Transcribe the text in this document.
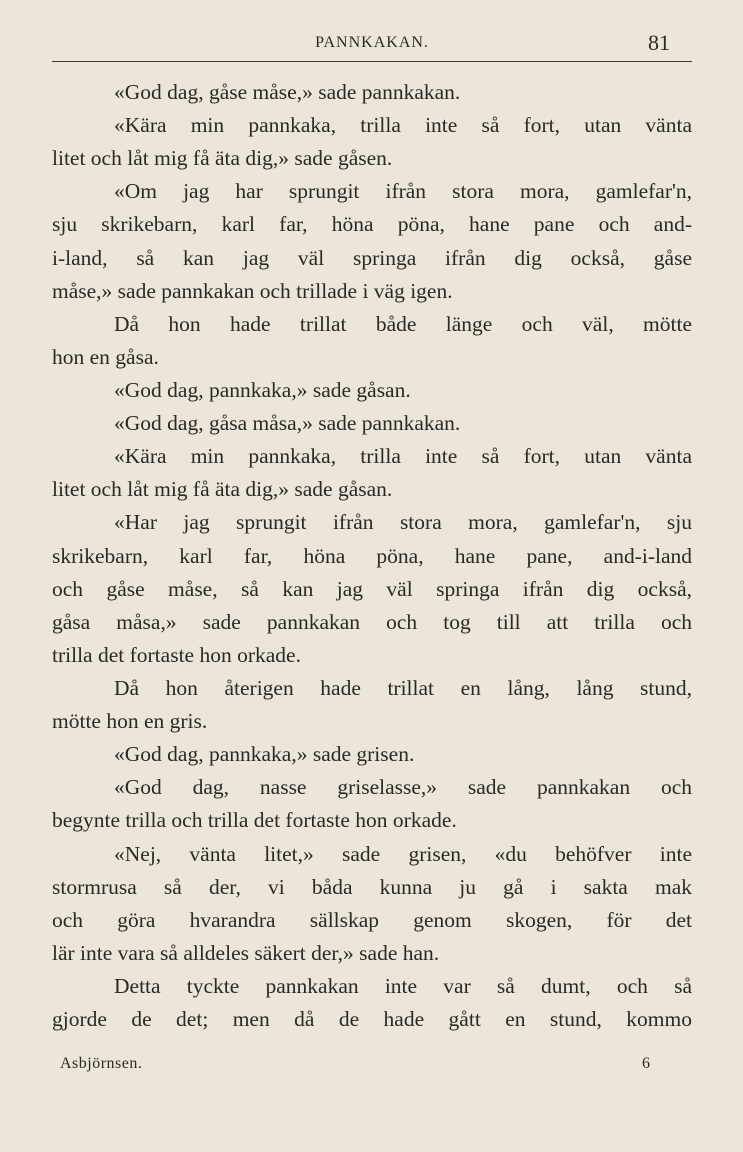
PANNKAKAN.	81
«God dag, gåse måse,» sade pannkakan.
«Kära min pannkaka, trilla inte så fort, utan vänta
litet och låt mig få äta dig,» sade gåsen.
«Om jag har sprungit ifrån stora mora, gamlefar'n,
sju skrikebarn, karl far, höna pöna, hane pane och and-
i-land, så kan jag väl springa ifrån dig också, gåse
måse,» sade pannkakan och trillade i väg igen.
Då hon hade trillat både länge och väl, mötte
hon en gåsa.
«God dag, pannkaka,» sade gåsan.
«God dag, gåsa måsa,» sade pannkakan.
«Kära min pannkaka, trilla inte så fort, utan vänta
litet och låt mig få äta dig,» sade gåsan.
«Har jag sprungit ifrån stora mora, gamlefar'n, sju
skrikebarn, karl far, höna pöna, hane pane, and-i-land
och gåse måse, så kan jag väl springa ifrån dig också,
gåsa måsa,» sade pannkakan och tog till att trilla och
trilla det fortaste hon orkade.
Då hon återigen hade trillat en lång, lång stund,
mötte hon en gris.
«God dag, pannkaka,» sade grisen.
«God dag, nasse griselasse,» sade pannkakan och
begynte trilla och trilla det fortaste hon orkade.
«Nej, vänta litet,» sade grisen, «du behöfver inte
stormrusa så der, vi båda kunna ju gå i sakta mak
och göra hvarandra sällskap genom skogen, för det
lär inte vara så alldeles säkert der,» sade han.
Detta tyckte pannkakan inte var så dumt, och så
gjorde de det; men då de hade gått en stund, kommo
Asbjörnsen.	6
